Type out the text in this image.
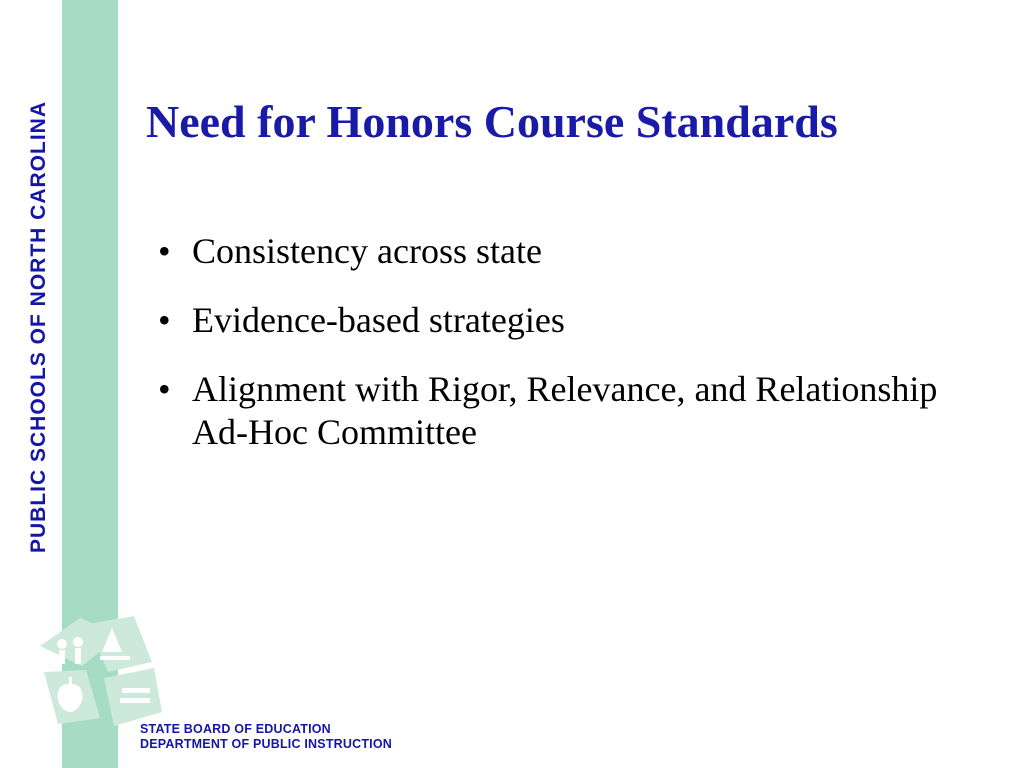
PUBLIC SCHOOLS OF NORTH CAROLINA Need for Honors Course Standards
• Consistency across state
• Evidence-based strategies
• Alignment with Rigor, Relevance, and Relationship Ad-Hoc Committee
STATE BOARD OF EDUCATION
DEPARTMENT OF PUBLIC INSTRUCTION
